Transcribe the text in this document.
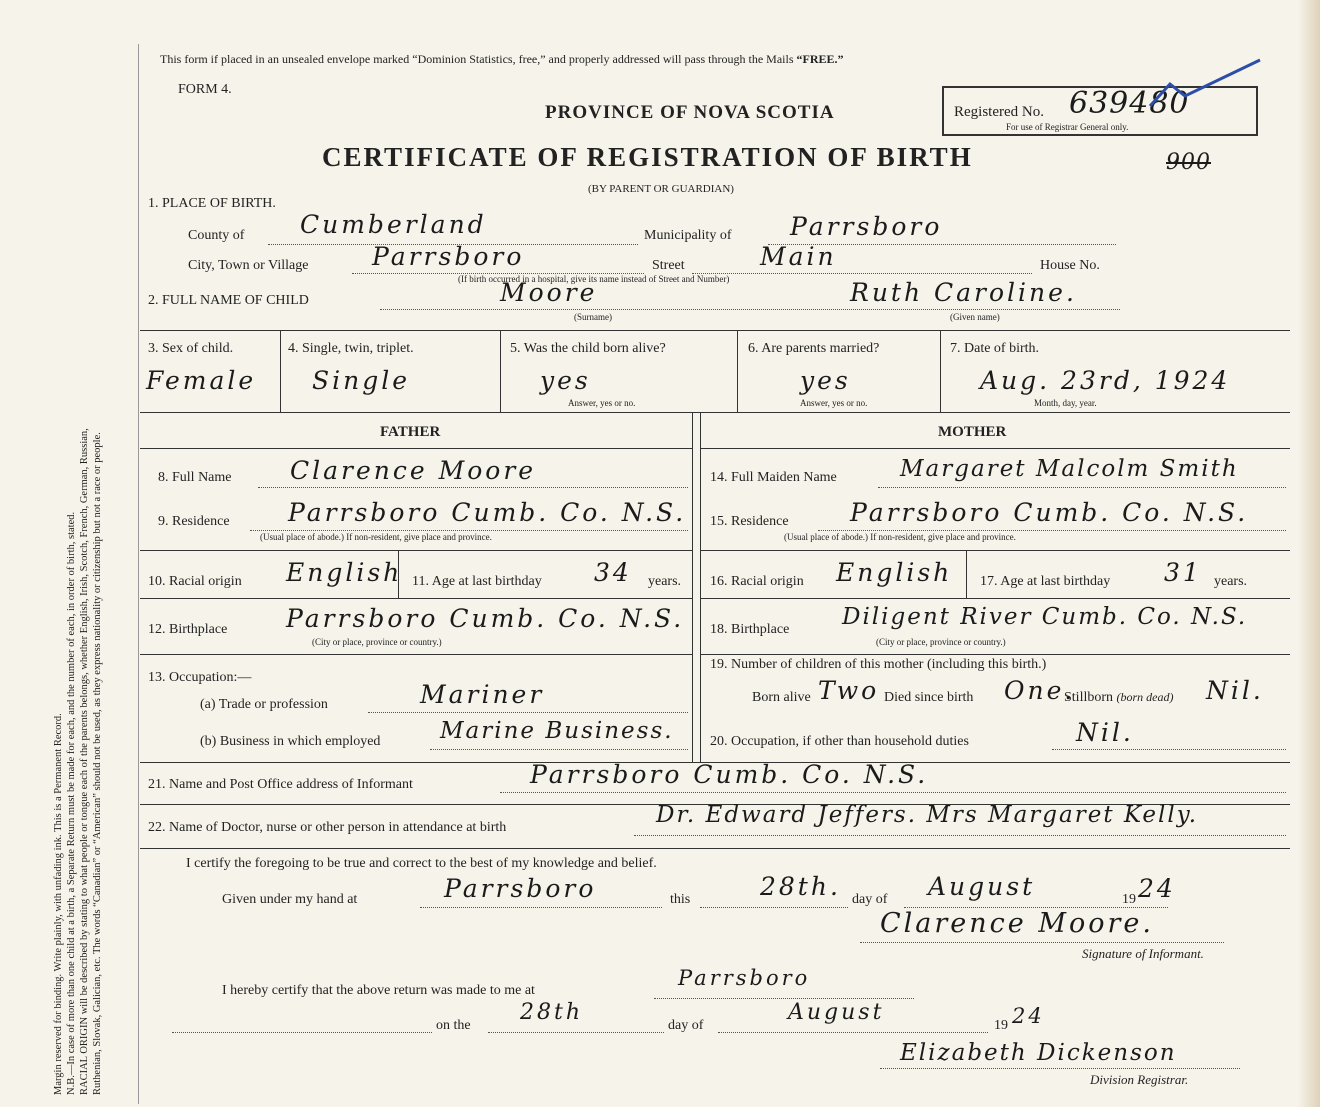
Margin reserved for binding. Write plainly, with unfading ink. This is a Permanent Record. N.B.—In case of more than one child at a birth, a Separate Return must be made for each, and the number of each, in order of birth, stated. RACIAL ORIGIN will be described by stating to what people or tongue each of the parents belongs, whether English, Irish, Scotch, French, German, Russian, Ruthenian, Slovak, Galician, etc. The words “Canadian” or “American” should not be used, as they express nationality or citizenship but not a race or people.
This form if placed in an unsealed envelope marked “Dominion Statistics, free,” and properly addressed will pass through the Mails “FREE.”
FORM 4.
PROVINCE OF NOVA SCOTIA
CERTIFICATE OF REGISTRATION OF BIRTH
(BY PARENT OR GUARDIAN)
Registered No. 639480
For use of Registrar General only.
900
1. PLACE OF BIRTH.
County of Cumberland	Municipality of Parrsboro
City, Town or Village	Parrsboro	Street	Main	House No.
(If birth occurred in a hospital, give its name instead of Street and Number)
2. FULL NAME OF CHILD	Moore
(Surname)
Ruth Caroline.
(Given name)
3. Sex of child.
Female
4. Single, twin, triplet.
Single
5. Was the child born alive?
yes
Answer, yes or no.
6. Are parents married?
yes
Answer, yes or no.
7. Date of birth.
Aug. 23rd, 1924
Month, day, year.
FATHER	MOTHER
8. Full Name Clarence Moore
9. Residence Parrsboro Cumb. Co. N.S.
(Usual place of abode.) If non-resident, give place and province.
10. Racial origin English 11. Age at last birthday 34 years.
12. Birthplace Parrsboro Cumb. Co. N.S.
(City or place, province or country.)
13. Occupation:—
(a) Trade or profession	Mariner
(b) Business in which employed	Marine Business.
14. Full Maiden Name	Margaret Malcolm Smith
15. Residence Parrsboro Cumb. Co. N.S.
(Usual place of abode.) If non-resident, give place and province.
16. Racial origin English 17. Age at last birthday 31 years.
18. Birthplace Diligent River Cumb. Co. N.S.
(City or place, province or country.)
19. Number of children of this mother (including this birth.)
Born alive Two Died since birth One.
Stillborn (born dead) Nil.
20. Occupation, if other than household duties	Nil.
21. Name and Post Office address of Informant	Parrsboro Cumb. Co. N.S.
22. Name of Doctor, nurse or other person in attendance at birth	Dr. Edward Jeffers. Mrs Margaret Kelly.
I certify the foregoing to be true and correct to the best of my knowledge and belief.
Given under my hand at	Parrsboro	this	28th. day of August	19 24
Clarence Moore.
Signature of Informant.
I hereby certify that the above return was made to me at
Parrsboro
on the
28th
day of
August
19 24
Elizabeth Dickenson
Division Registrar.
